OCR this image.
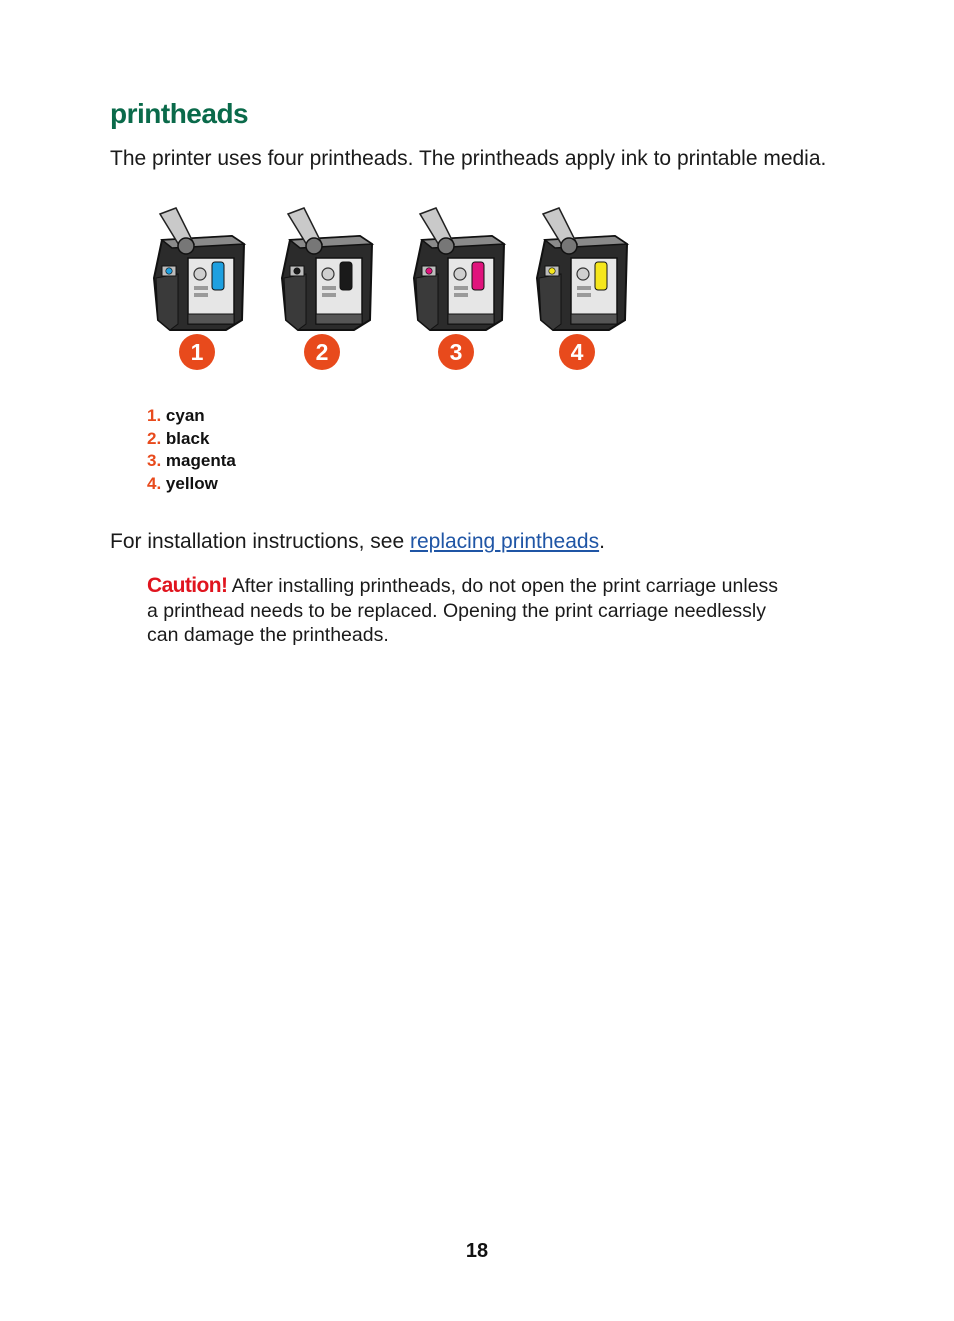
printheads

The printer uses four printheads. The printheads apply ink to printable media.

1	2	3	4
1. cyan
2. black
3. magenta
4. yellow

For installation instructions, see replacing printheads.

Caution! After installing printheads, do not open the print carriage unless a printhead needs to be replaced. Opening the print carriage needlessly can damage the printheads.

18
